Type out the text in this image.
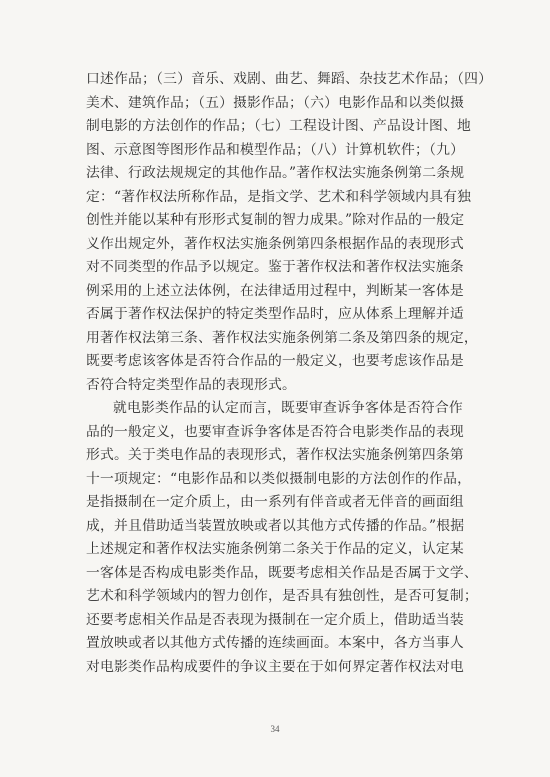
口述作品；（三）音乐、戏剧、曲艺、舞蹈、杂技艺术作品；（四）
美术、建筑作品；（五）摄影作品；（六）电影作品和以类似摄
制电影的方法创作的作品；（七）工程设计图、产品设计图、地
图、示意图等图形作品和模型作品；（八）计算机软件；（九）
法律、行政法规规定的其他作品。”著作权法实施条例第二条规
定：“著作权法所称作品，是指文学、艺术和科学领域内具有独
创性并能以某种有形形式复制的智力成果。”除对作品的一般定
义作出规定外，著作权法实施条例第四条根据作品的表现形式
对不同类型的作品予以规定。鉴于著作权法和著作权法实施条
例采用的上述立法体例，在法律适用过程中，判断某一客体是
否属于著作权法保护的特定类型作品时，应从体系上理解并适
用著作权法第三条、著作权法实施条例第二条及第四条的规定，
既要考虑该客体是否符合作品的一般定义，也要考虑该作品是
否符合特定类型作品的表现形式。

就电影类作品的认定而言，既要审查诉争客体是否符合作
品的一般定义，也要审查诉争客体是否符合电影类作品的表现
形式。关于类电作品的表现形式，著作权法实施条例第四条第
十一项规定：“电影作品和以类似摄制电影的方法创作的作品，
是指摄制在一定介质上，由一系列有伴音或者无伴音的画面组
成，并且借助适当装置放映或者以其他方式传播的作品。”根据
上述规定和著作权法实施条例第二条关于作品的定义，认定某
一客体是否构成电影类作品，既要考虑相关作品是否属于文学、
艺术和科学领域内的智力创作，是否具有独创性，是否可复制；
还要考虑相关作品是否表现为摄制在一定介质上，借助适当装
置放映或者以其他方式传播的连续画面。本案中，各方当事人
对电影类作品构成要件的争议主要在于如何界定著作权法对电

34
